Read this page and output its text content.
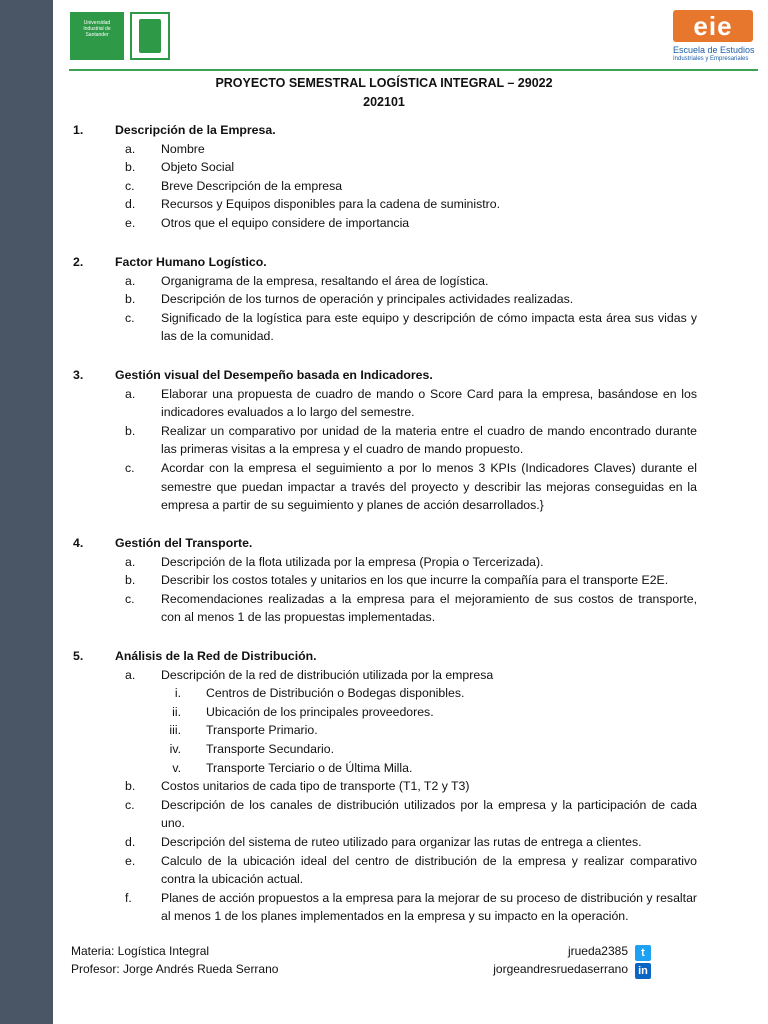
Universidad Industrial de Santander	eie
Escuela de Estudios
Industriales y Empresariales
PROYECTO SEMESTRAL LOGÍSTICA INTEGRAL – 29022
202101
1.	Descripción de la Empresa.
a. Nombre
b. Objeto Social
c. Breve Descripción de la empresa
d. Recursos y Equipos disponibles para la cadena de suministro.
e. Otros que el equipo considere de importancia
2.	Factor Humano Logístico.
a. Organigrama de la empresa, resaltando el área de logística.
b. Descripción de los turnos de operación y principales actividades realizadas.
c. Significado de la logística para este equipo y descripción de cómo impacta esta área sus vidas y
las de la comunidad.
3.	Gestión visual del Desempeño basada en Indicadores.
a. Elaborar una propuesta de cuadro de mando o Score Card para la empresa, basándose en los
indicadores evaluados a lo largo del semestre.
b. Realizar un comparativo por unidad de la materia entre el cuadro de mando encontrado durante
las primeras visitas a la empresa y el cuadro de mando propuesto.
c. Acordar con la empresa el seguimiento a por lo menos 3 KPIs (Indicadores Claves) durante el
semestre que puedan impactar a través del proyecto y describir las mejoras conseguidas en la
empresa a partir de su seguimiento y planes de acción desarrollados.}
4.	Gestión del Transporte.
a. Descripción de la flota utilizada por la empresa (Propia o Tercerizada).
b. Describir los costos totales y unitarios en los que incurre la compañía para el transporte E2E.
c. Recomendaciones realizadas a la empresa para el mejoramiento de sus costos de transporte,
con al menos 1 de las propuestas implementadas.
5.	Análisis de la Red de Distribución.
a. Descripción de la red de distribución utilizada por la empresa
i. Centros de Distribución o Bodegas disponibles.
ii. Ubicación de los principales proveedores.
iii. Transporte Primario.
iv. Transporte Secundario.
v. Transporte Terciario o de Última Milla.
b. Costos unitarios de cada tipo de transporte (T1, T2 y T3)
c. Descripción de los canales de distribución utilizados por la empresa y la participación de cada
uno.
d. Descripción del sistema de ruteo utilizado para organizar las rutas de entrega a clientes.
e. Calculo de la ubicación ideal del centro de distribución de la empresa y realizar comparativo
contra la ubicación actual.
f. Planes de acción propuestos a la empresa para la mejorar de su proceso de distribución y resaltar
al menos 1 de los planes implementados en la empresa y su impacto en la operación.
Materia: Logística Integral
Profesor: Jorge Andrés Rueda Serrano
jrueda2385
jorgeandresruedaserrano
t
in
